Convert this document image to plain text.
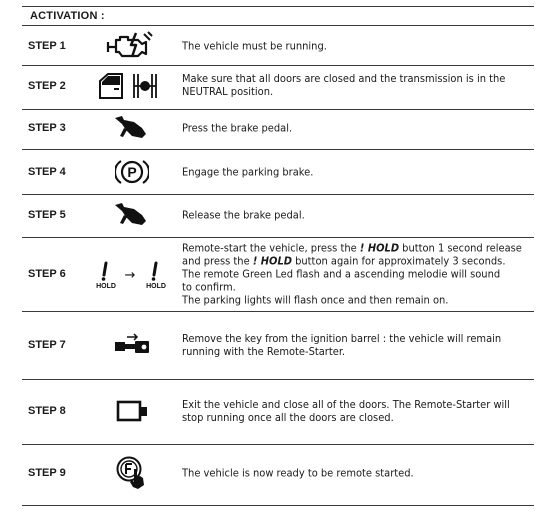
ACTIVATION :
STEP 1	The vehicle must be running.
STEP 2
Make sure that all doors are closed and the transmission is in the
NEUTRAL position.
STEP 3	Press the brake pedal.
STEP 4	P	Engage the parking brake.
STEP 5	Release the brake pedal.
STEP 6
HOLD
→
HOLD
Remote-start the vehicle, press the ! HOLD button 1 second release
and press the ! HOLD button again for approximately 3 seconds.
The remote Green Led flash and a ascending melodie will sound
to confirm.
The parking lights will flash once and then remain on.
STEP 7	Remove the key from the ignition barrel : the vehicle will remain
running with the Remote-Starter.
STEP 8	Exit the vehicle and close all of the doors. The Remote-Starter will
stop running once all the doors are closed.
STEP 9	The vehicle is now ready to be remote started.
